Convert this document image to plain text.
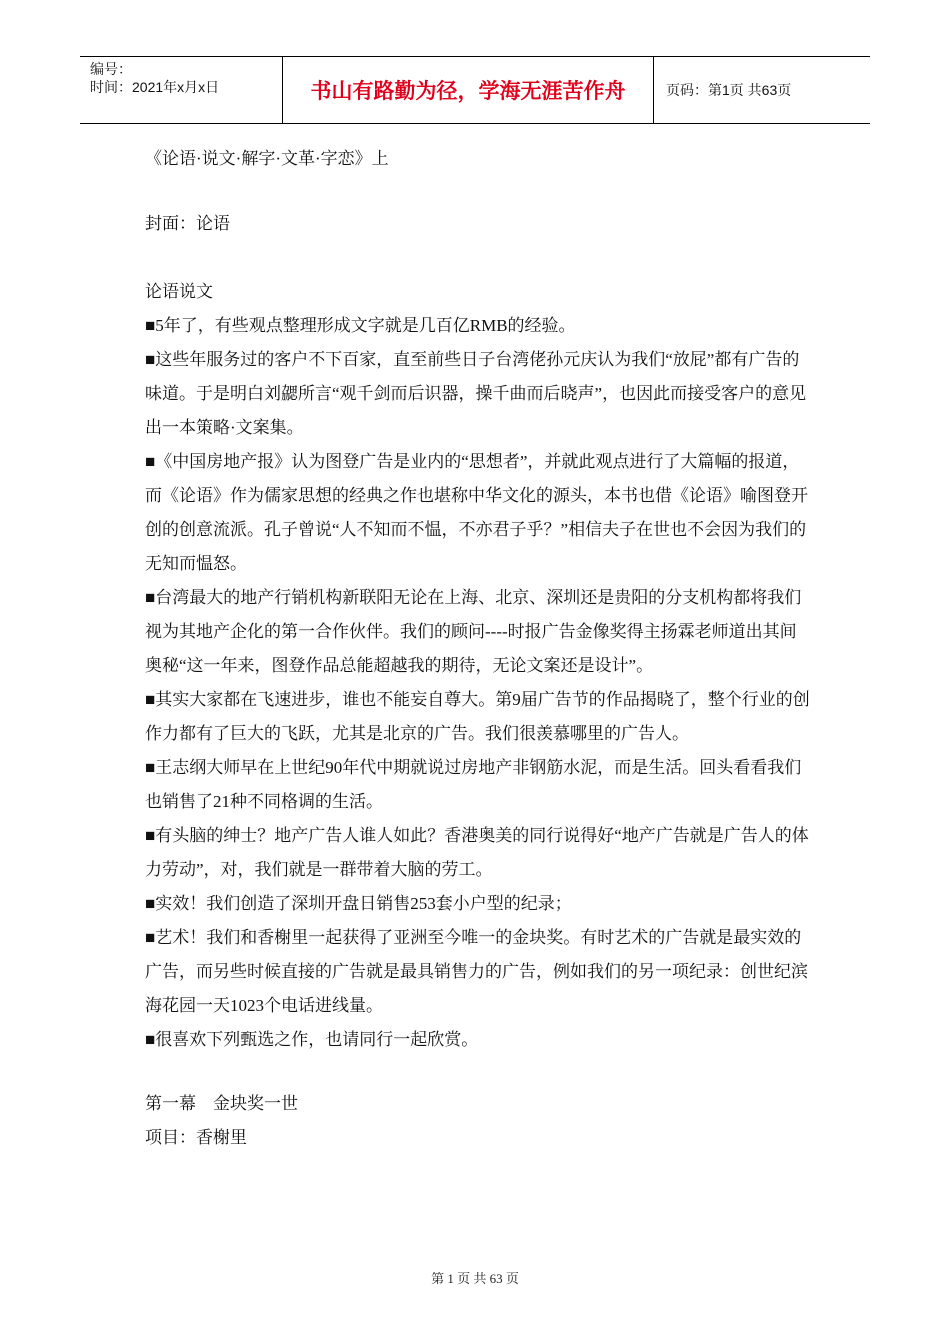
编号：
时间：2021年x月x日	书山有路勤为径，学海无涯苦作舟	页码：第1页 共63页

《论语·说文·解字·文革·字恋》上

封面：论语

论语说文

■5年了，有些观点整理形成文字就是几百亿RMB的经验。

■这些年服务过的客户不下百家，直至前些日子台湾佬孙元庆认为我们“放屁”都有广告的味道。于是明白刘勰所言“观千剑而后识器，操千曲而后晓声”，也因此而接受客户的意见出一本策略·文案集。

■《中国房地产报》认为图登广告是业内的“思想者”，并就此观点进行了大篇幅的报道，而《论语》作为儒家思想的经典之作也堪称中华文化的源头，本书也借《论语》喻图登开创的创意流派。孔子曾说“人不知而不愠，不亦君子乎？”相信夫子在世也不会因为我们的无知而愠怒。

■台湾最大的地产行销机构新联阳无论在上海、北京、深圳还是贵阳的分支机构都将我们视为其地产企化的第一合作伙伴。我们的顾问----时报广告金像奖得主扬霖老师道出其间奥秘“这一年来，图登作品总能超越我的期待，无论文案还是设计”。

■其实大家都在飞速进步，谁也不能妄自尊大。第9届广告节的作品揭晓了，整个行业的创作力都有了巨大的飞跃，尤其是北京的广告。我们很羡慕哪里的广告人。

■王志纲大师早在上世纪90年代中期就说过房地产非钢筋水泥，而是生活。回头看看我们也销售了21种不同格调的生活。

■有头脑的绅士？地产广告人谁人如此？香港奥美的同行说得好“地产广告就是广告人的体力劳动”，对，我们就是一群带着大脑的劳工。

■实效！我们创造了深圳开盘日销售253套小户型的纪录；

■艺术！我们和香榭里一起获得了亚洲至今唯一的金块奖。有时艺术的广告就是最实效的广告，而另些时候直接的广告就是最具销售力的广告，例如我们的另一项纪录：创世纪滨海花园一天1023个电话进线量。

■很喜欢下列甄选之作，也请同行一起欣赏。

第一幕　金块奖一世

项目：香榭里

第 1 页 共 63 页
